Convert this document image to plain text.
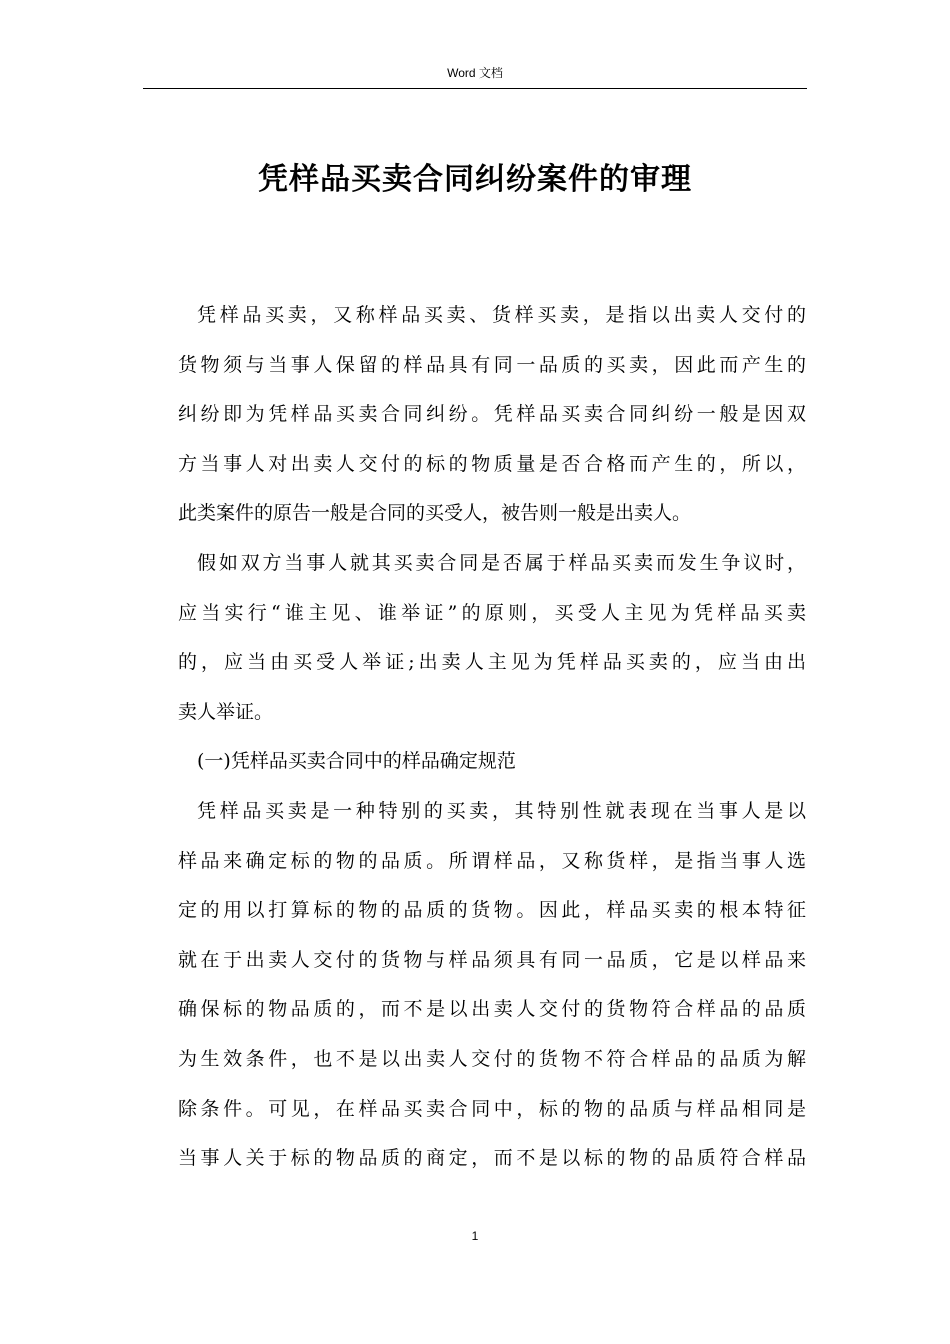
Word 文档
凭样品买卖合同纠纷案件的审理
凭样品买卖，又称样品买卖、货样买卖，是指以出卖人交付的
货物须与当事人保留的样品具有同一品质的买卖，因此而产生的
纠纷即为凭样品买卖合同纠纷。凭样品买卖合同纠纷一般是因双
方当事人对出卖人交付的标的物质量是否合格而产生的，所以，
此类案件的原告一般是合同的买受人，被告则一般是出卖人。
假如双方当事人就其买卖合同是否属于样品买卖而发生争议时，
应当实行“谁主见、谁举证”的原则，买受人主见为凭样品买卖
的，应当由买受人举证;出卖人主见为凭样品买卖的，应当由出
卖人举证。
(一)凭样品买卖合同中的样品确定规范
凭样品买卖是一种特别的买卖，其特别性就表现在当事人是以
样品来确定标的物的品质。所谓样品，又称货样，是指当事人选
定的用以打算标的物的品质的货物。因此，样品买卖的根本特征
就在于出卖人交付的货物与样品须具有同一品质，它是以样品来
确保标的物品质的，而不是以出卖人交付的货物符合样品的品质
为生效条件，也不是以出卖人交付的货物不符合样品的品质为解
除条件。可见，在样品买卖合同中，标的物的品质与样品相同是
当事人关于标的物品质的商定，而不是以标的物的品质符合样品
1
